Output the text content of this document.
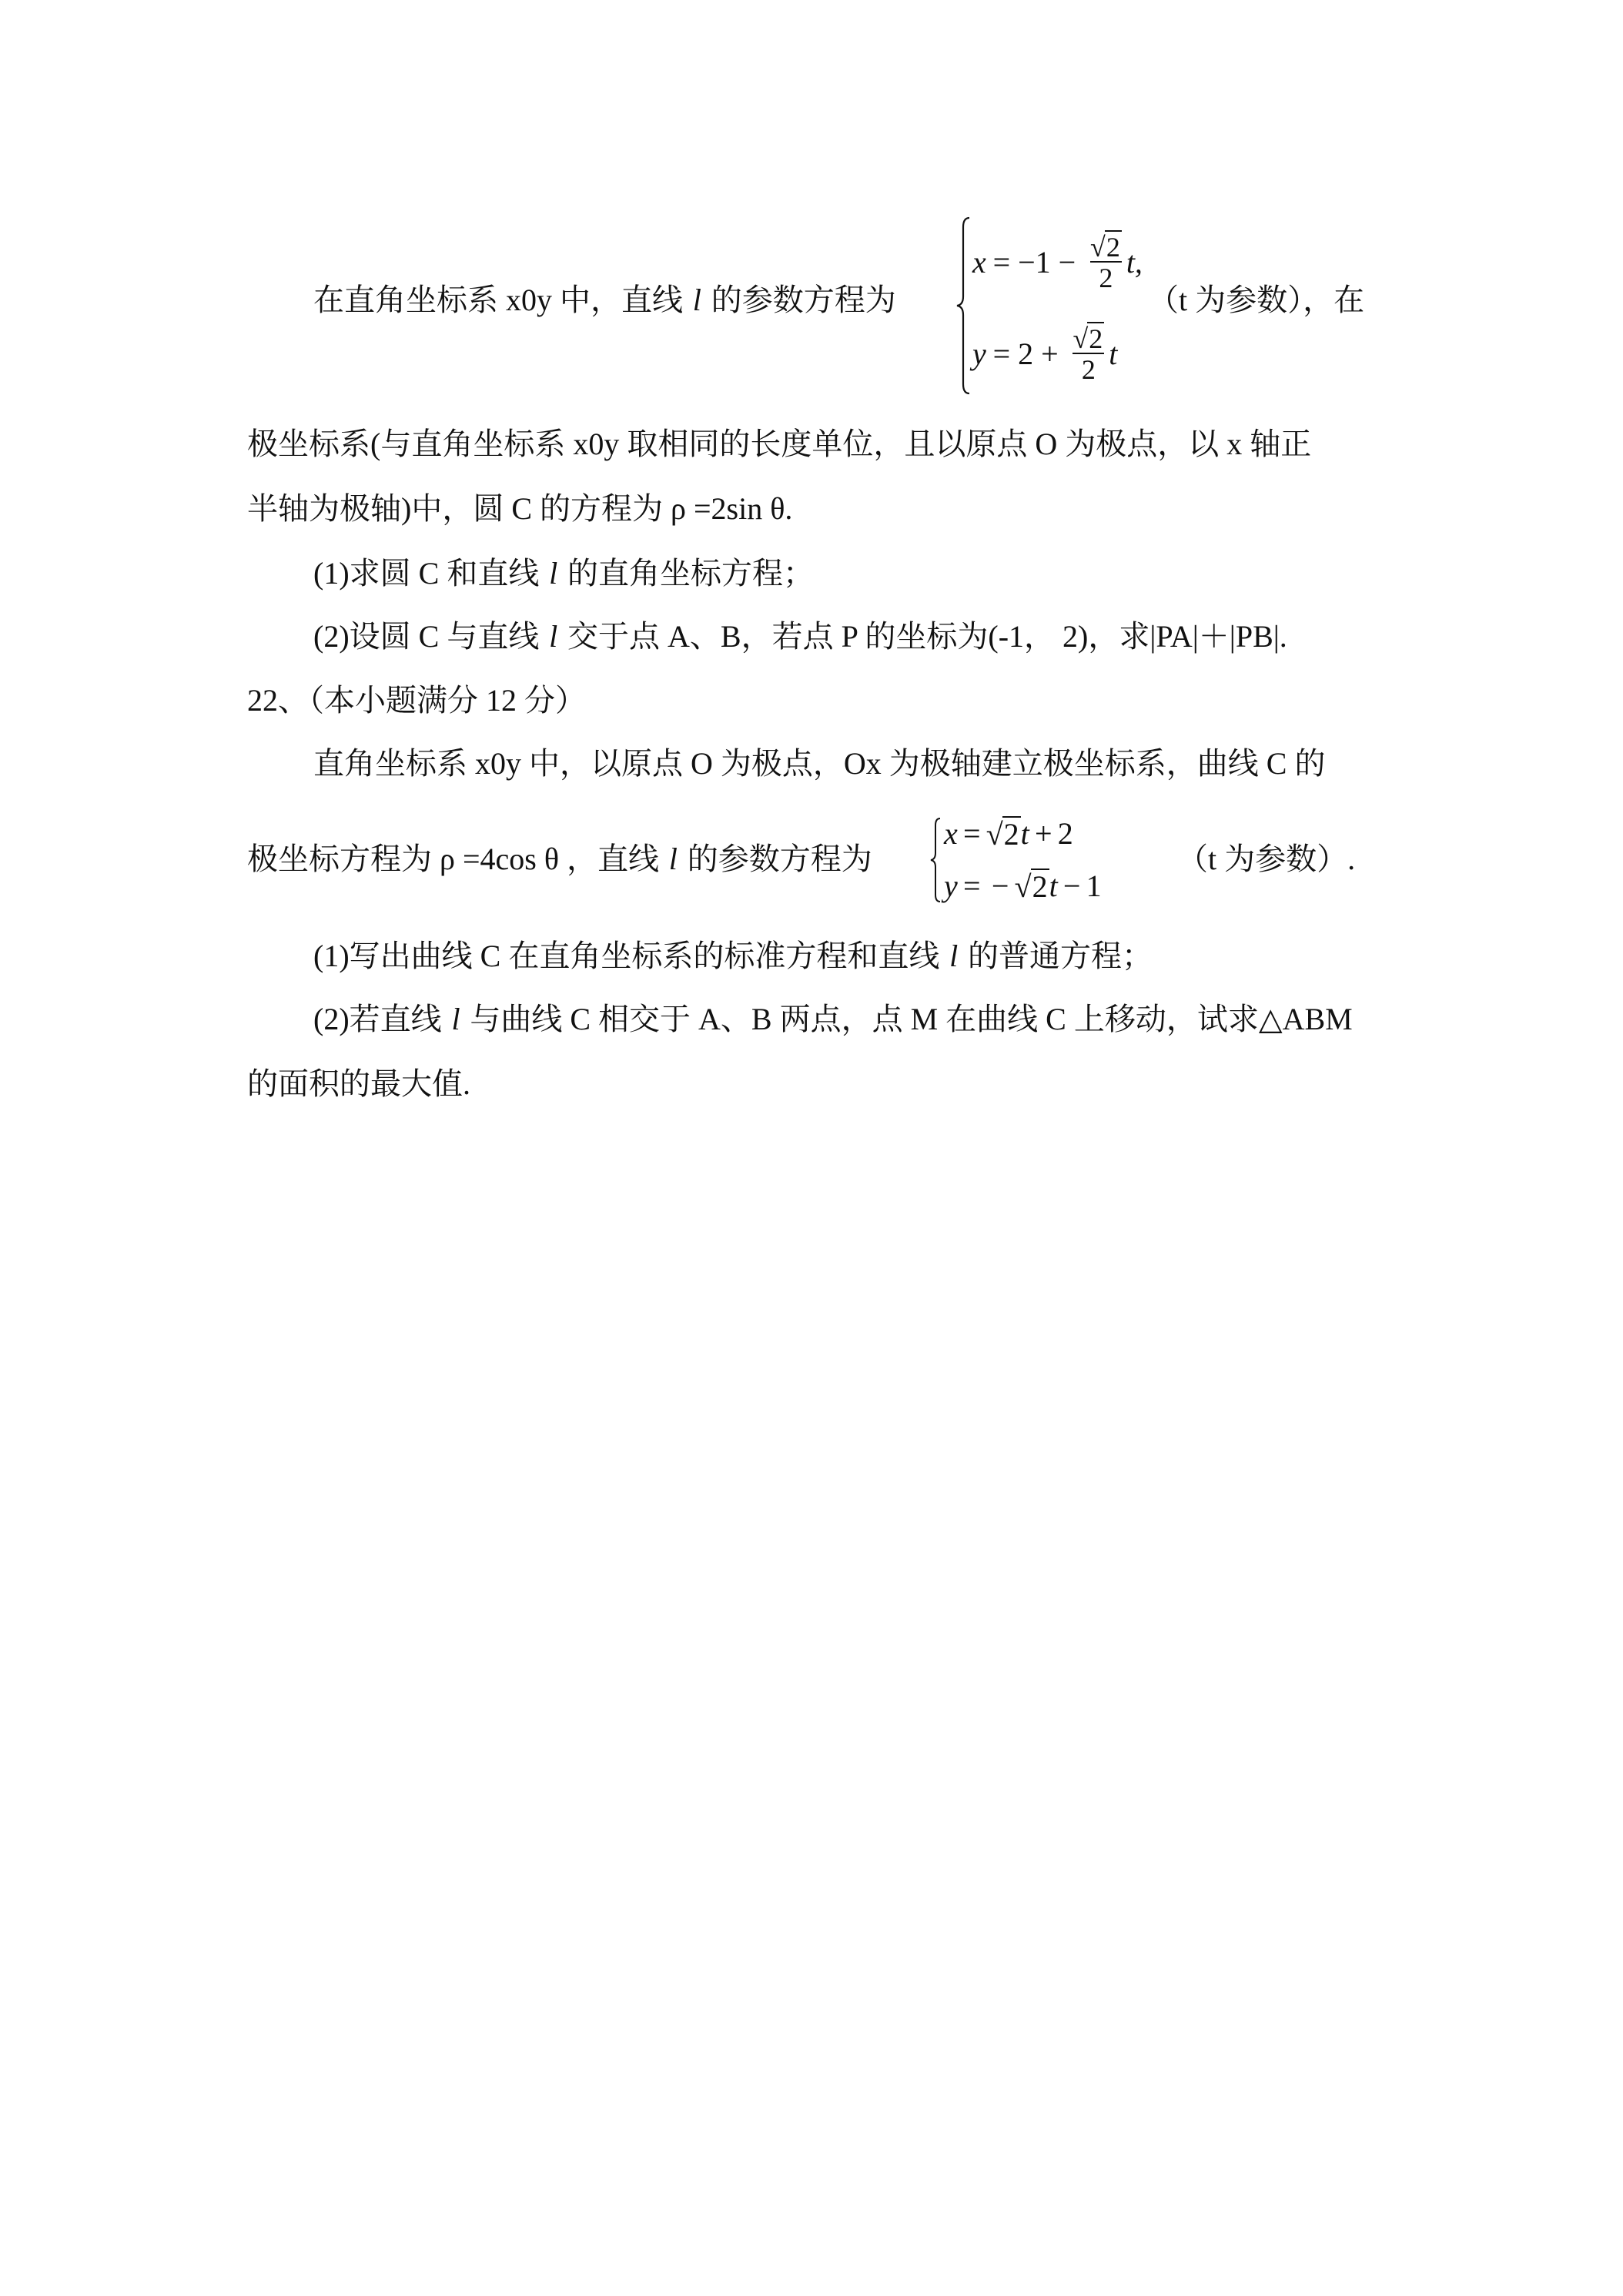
在直角坐标系 x0y 中，直线 l 的参数方程为
$x = -1 - \frac{√ 2}{2} t$,
$y = 2 + \frac{√ 2}{2}$ t
（t 为参数），在
极坐标系(与直角坐标系 x0y 取相同的长度单位，且以原点 O 为极点，以 x 轴正
半轴为极轴)中，圆 C 的方程为 ρ =2sin θ.
(1)求圆 C 和直线 l 的直角坐标方程；
(2)设圆 C 与直线 l 交于点 A、B，若点 P 的坐标为(-1， 2)，求|PA|＋|PB|.
22、（本小题满分 12 分）
直角坐标系 x0y 中，以原点 O 为极点，Ox 为极轴建立极坐标系，曲线 C 的
极坐标方程为 ρ =4cos θ ，直线 l 的参数方程为
x = √ 2 t + 2
y = − √ 2 t − 1
（t 为参数）.
(1)写出曲线 C 在直角坐标系的标准方程和直线 l 的普通方程；
(2)若直线 l 与曲线 C 相交于 A、B 两点，点 M 在曲线 C 上移动，试求△ABM
的面积的最大值.
